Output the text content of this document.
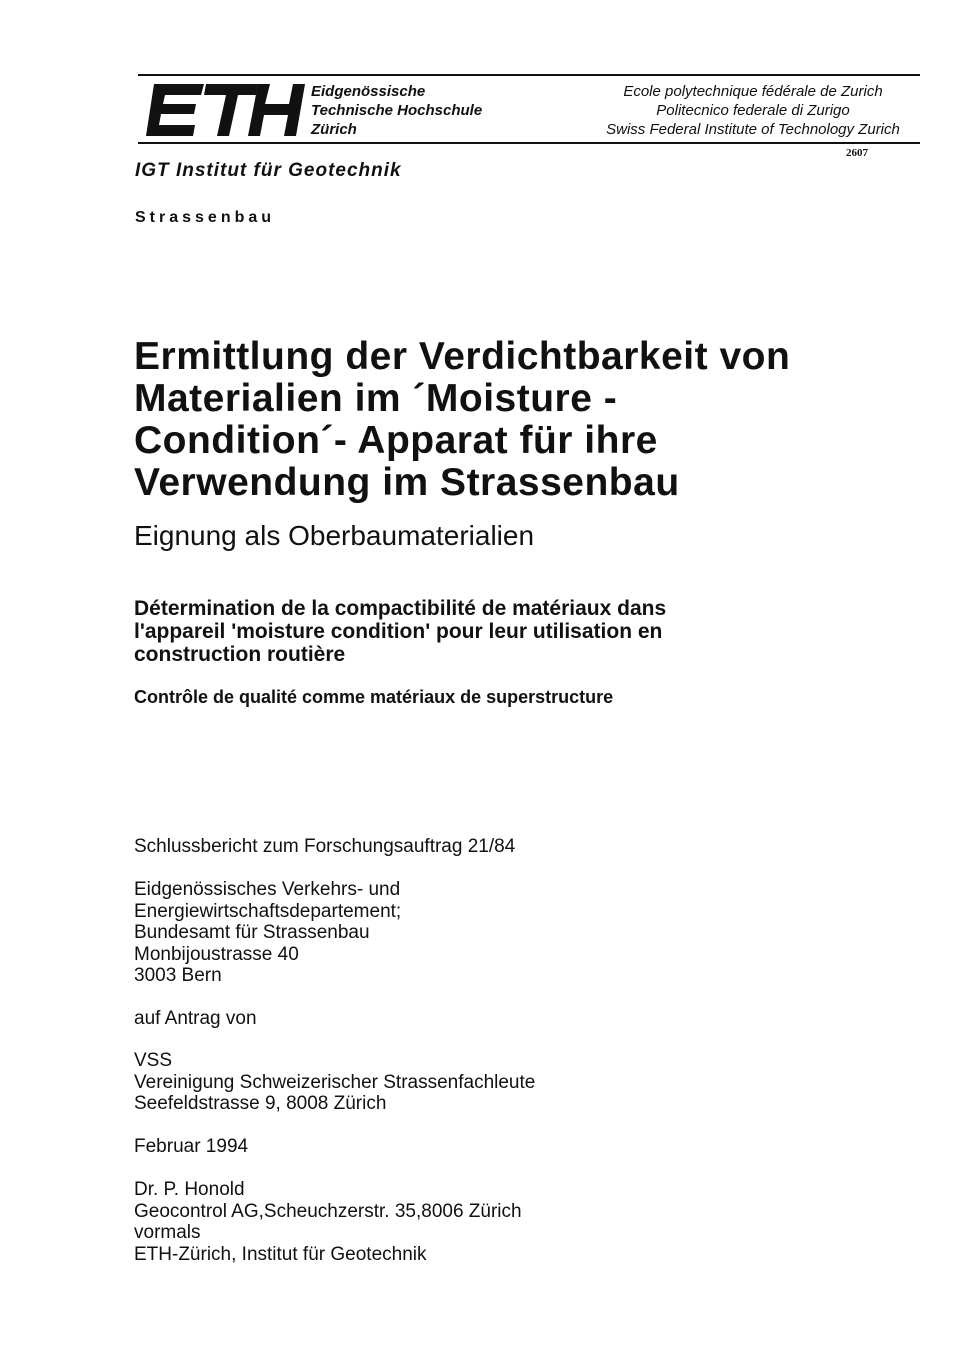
Eidgenössische
Technische Hochschule
Zürich
Ecole polytechnique fédérale de Zurich
Politecnico federale di Zurigo
Swiss Federal Institute of Technology Zurich
2607
IGT Institut für Geotechnik
Strassenbau
Ermittlung der Verdichtbarkeit von
Materialien im ´Moisture -
Condition´- Apparat für ihre
Verwendung im Strassenbau
Eignung als Oberbaumaterialien
Détermination de la compactibilité de matériaux dans
l'appareil 'moisture condition' pour leur utilisation en
construction routière
Contrôle de qualité comme matériaux de superstructure
Schlussbericht zum Forschungsauftrag 21/84
Eidgenössisches Verkehrs- und
Energiewirtschaftsdepartement;
Bundesamt für Strassenbau
Monbijoustrasse 40
3003 Bern
auf Antrag von
VSS
Vereinigung Schweizerischer Strassenfachleute
Seefeldstrasse 9, 8008 Zürich
Februar 1994
Dr. P. Honold
Geocontrol AG,Scheuchzerstr. 35,8006 Zürich
vormals
ETH-Zürich, Institut für Geotechnik
